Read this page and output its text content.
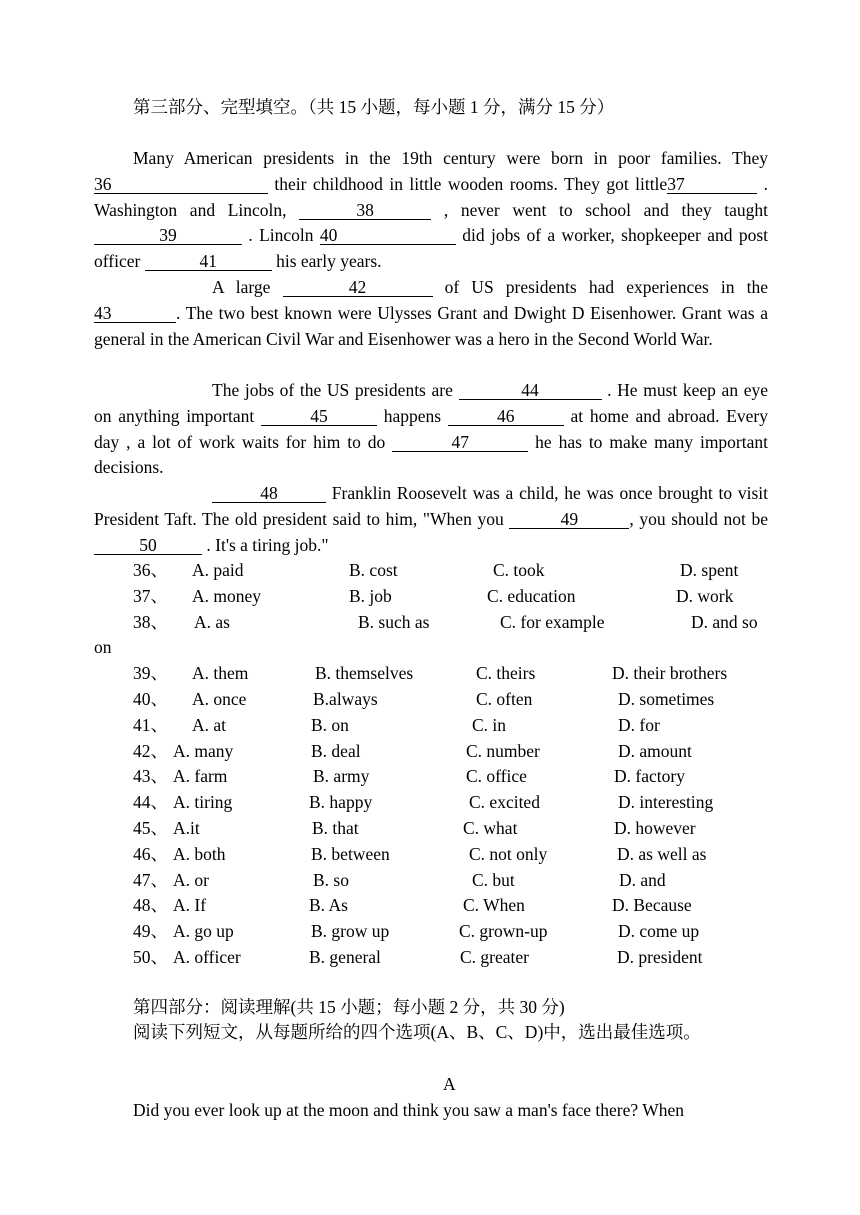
第三部分、完型填空。（共 15 小题，每小题 1 分，满分 15 分）
Many American presidents in the 19th century were born in poor families. They36	their childhood in little wooden rooms. They got little37	. Washington and Lincoln,	38	, never went to school and they taught 39	. Lincoln 40	did jobs of a worker, shopkeeper and post officer	41	his early years.
A large	42	of US presidents had experiences in the 43	. The two best known were Ulysses Grant and Dwight D Eisenhower. Grant was a general in the American Civil War and Eisenhower was a hero in the Second World War.
The jobs of the US presidents are	44	. He must keep an eye on anything important	45	happens	46	at home and abroad. Every day , a lot of work waits for him to do	47	he has to make many important decisions.
48	Franklin Roosevelt was a child, he was once brought to visit President Taft. The old president said to him, "When you	49	, you should not be 50	. It's a tiring job."
36、 A. paid	B. cost	C. took	D. spent
37、 A. money	B. job	C. education	D. work
38、 A. as	B. such as	C. for example	D. and so
on
39、 A. them	B. themselves	C. theirs	D. their brothers
40、 A. once	B.always	C. often	D. sometimes
41、 A. at	B. on	C. in	D. for
42、 A. many	B. deal	C. number	D. amount
43、 A. farm	B. army	C. office	D. factory
44、 A. tiring	B. happy	C. excited	D. interesting
45、 A.it	B. that	C. what	D. however
46、 A. both	B. between	C. not only	D. as well as
47、 A. or	B. so	C. but	D. and
48、 A. If	B. As	C. When	D. Because
49、 A. go up	B. grow up	C. grown-up	D. come up
50、 A. officer	B. general	C. greater	D. president
第四部分：阅读理解(共 15 小题；每小题 2 分，共 30 分)
阅读下列短文，从每题所给的四个选项(A、B、C、D)中，选出最佳选项。
A
Did you ever look up at the moon and think you saw a man's face there? When
